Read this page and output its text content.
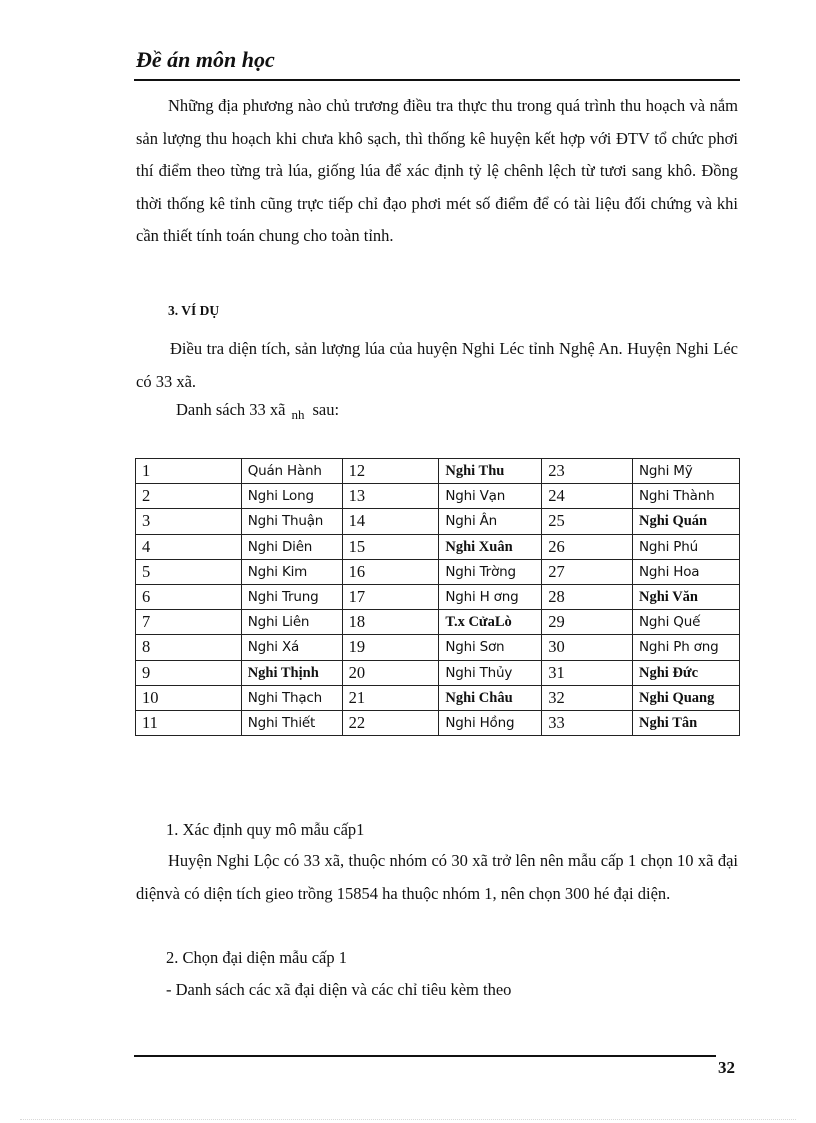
Đề án môn học

Những địa phương nào chủ trương điều tra thực thu trong quá trình thu hoạch và nắm sản lượng thu hoạch khi chưa khô sạch, thì thống kê huyện kết hợp với ĐTV tổ chức phơi thí điểm theo từng trà lúa, giống lúa để xác định tỷ lệ chênh lệch từ tươi sang khô. Đồng thời thống kê tỉnh cũng trực tiếp chỉ đạo phơi mét số điểm để có tài liệu đối chứng và khi cần thiết tính toán chung cho toàn tỉnh.

3. VÍ DỤ

Điều tra diện tích, sản lượng lúa của huyện Nghi Léc tỉnh Nghệ An. Huyện Nghi Léc có 33 xã.

Danh sách 33 xã $_{nh}$ sau:

1	Quán Hành	12	Nghi Thu	23	Nghi Mỹ
2	Nghi Long	13	Nghi Vạn	24	Nghi Thành
3	Nghi Thuận	14	Nghi Ân	25	Nghi Quán
4	Nghi Diên	15	Nghi Xuân	26	Nghi Phú
5	Nghi Kim	16	Nghi Trờng	27	Nghi Hoa
6	Nghi Trung	17	Nghi H ơng	28	Nghi Văn
7	Nghi Liên	18	T.x CửaLò	29	Nghi Quế
8	Nghi Xá	19	Nghi Sơn	30	Nghi Ph ơng
9	Nghi Thịnh	20	Nghi Thủy	31	Nghi Đức
10	Nghi Thạch	21	Nghi Châu	32	Nghi Quang
11	Nghi Thiết	22	Nghi Hồng	33	Nghi Tân

1. Xác định quy mô mẫu cấp1

Huyện Nghi Lộc có 33 xã, thuộc nhóm có 30 xã trở lên nên mẫu cấp 1 chọn 10 xã đại diệnvà có diện tích gieo trồng 15854 ha thuộc nhóm 1, nên chọn 300 hé đại diện.

2. Chọn đại diện mẫu cấp 1

- Danh sách các xã đại diện và các chỉ tiêu kèm theo

32
